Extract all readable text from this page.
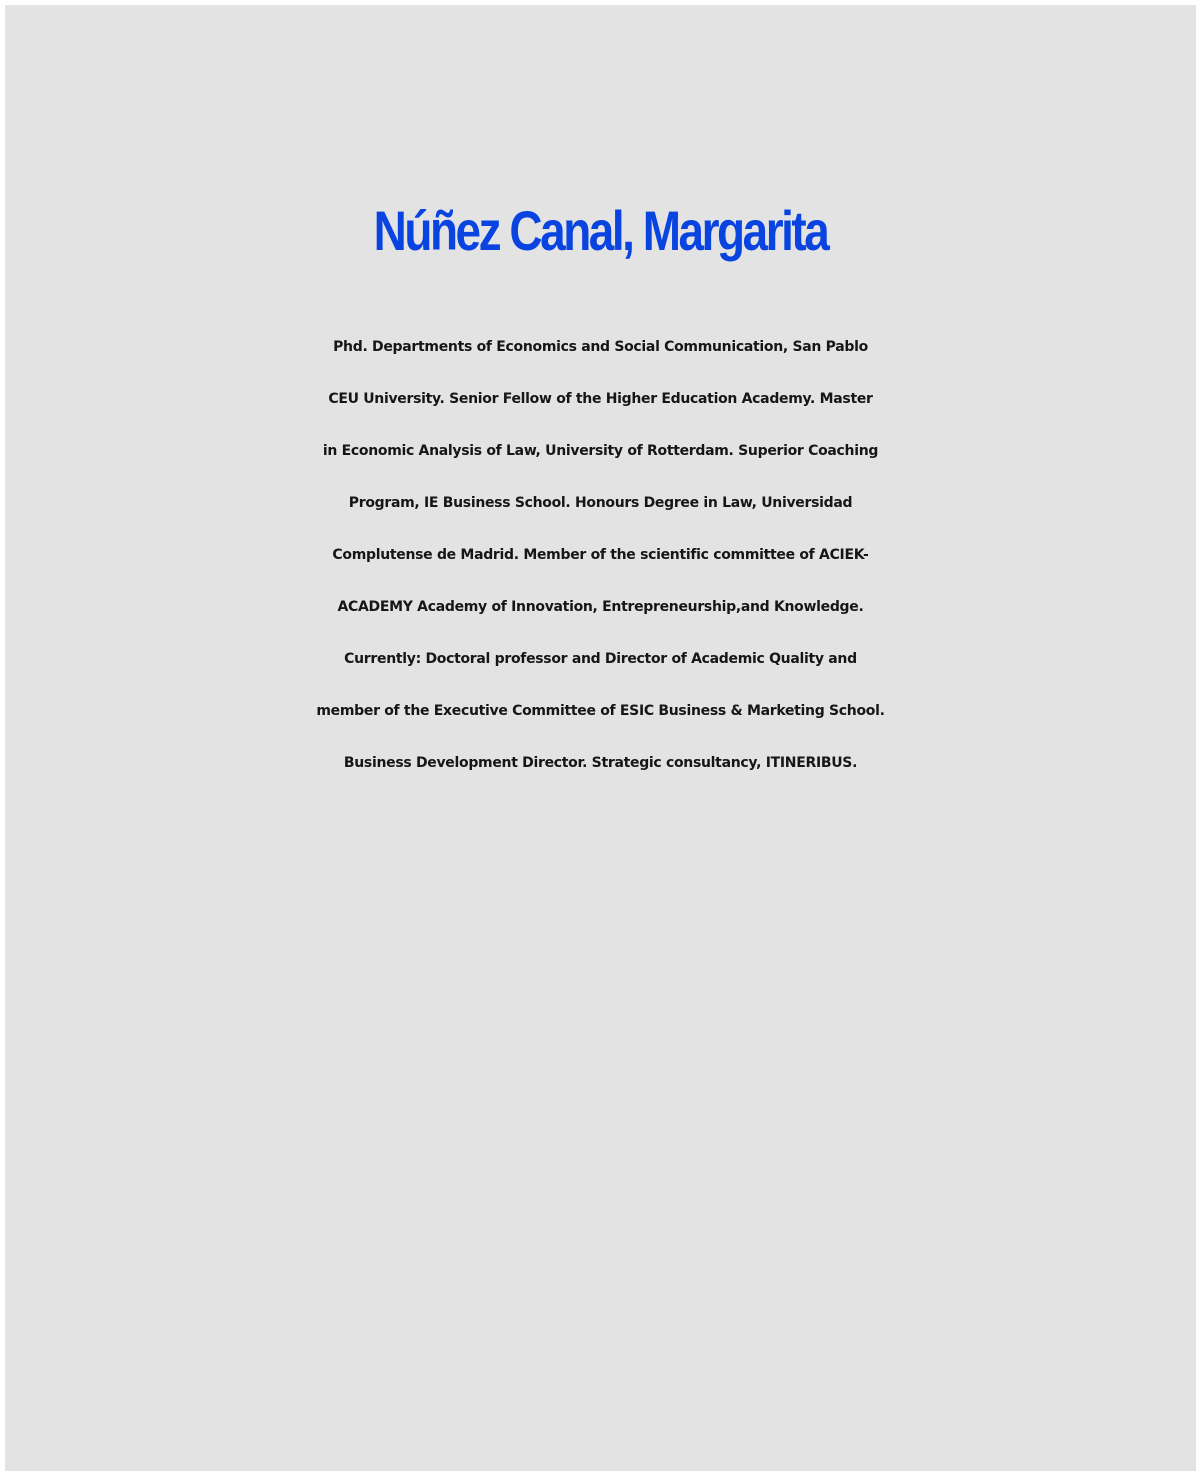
Núñez Canal, Margarita
Phd. Departments of Economics and Social Communication, San Pablo
CEU University. Senior Fellow of the Higher Education Academy. Master
in Economic Analysis of Law, University of Rotterdam. Superior Coaching
Program, IE Business School. Honours Degree in Law, Universidad
Complutense de Madrid. Member of the scientific committee of ACIEK-
ACADEMY Academy of Innovation, Entrepreneurship,and Knowledge.
Currently: Doctoral professor and Director of Academic Quality and
member of the Executive Committee of ESIC Business & Marketing School.
Business Development Director. Strategic consultancy, ITINERIBUS.
